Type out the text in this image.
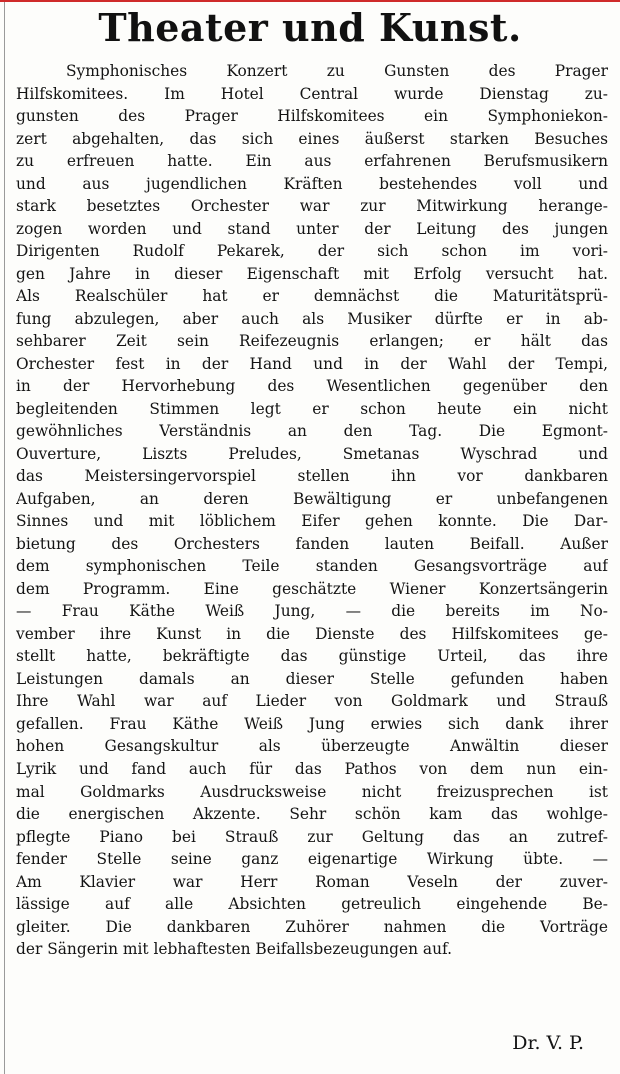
Theater und Kunst.
Symphonisches Konzert zu Gunsten des Prager
Hilfskomitees. Im Hotel Central wurde Dienstag zu-
gunsten des Prager Hilfskomitees ein Symphoniekon-
zert abgehalten, das sich eines äußerst starken Besuches
zu erfreuen hatte. Ein aus erfahrenen Berufsmusikern
und aus jugendlichen Kräften bestehendes voll und
stark besetztes Orchester war zur Mitwirkung herange-
zogen worden und stand unter der Leitung des jungen
Dirigenten Rudolf Pekarek, der sich schon im vori-
gen Jahre in dieser Eigenschaft mit Erfolg versucht hat.
Als Realschüler hat er demnächst die Maturitätsprü-
fung abzulegen, aber auch als Musiker dürfte er in ab-
sehbarer Zeit sein Reifezeugnis erlangen; er hält das
Orchester fest in der Hand und in der Wahl der Tempi,
in der Hervorhebung des Wesentlichen gegenüber den
begleitenden Stimmen legt er schon heute ein nicht
gewöhnliches Verständnis an den Tag. Die Egmont-
Ouverture, Liszts Preludes, Smetanas Wyschrad und
das Meistersingervorspiel stellen ihn vor dankbaren
Aufgaben, an deren Bewältigung er unbefangenen
Sinnes und mit löblichem Eifer gehen konnte. Die Dar-
bietung des Orchesters fanden lauten Beifall. Außer
dem symphonischen Teile standen Gesangsvorträge auf
dem Programm. Eine geschätzte Wiener Konzertsängerin
— Frau Käthe Weiß Jung, — die bereits im No-
vember ihre Kunst in die Dienste des Hilfskomitees ge-
stellt hatte, bekräftigte das günstige Urteil, das ihre
Leistungen damals an dieser Stelle gefunden haben
Ihre Wahl war auf Lieder von Goldmark und Strauß
gefallen. Frau Käthe Weiß Jung erwies sich dank ihrer
hohen Gesangskultur als überzeugte Anwältin dieser
Lyrik und fand auch für das Pathos von dem nun ein-
mal Goldmarks Ausdrucksweise nicht freizusprechen ist
die energischen Akzente. Sehr schön kam das wohlge-
pflegte Piano bei Strauß zur Geltung das an zutref-
fender Stelle seine ganz eigenartige Wirkung übte. —
Am Klavier war Herr Roman Veseln der zuver-
lässige auf alle Absichten getreulich eingehende Be-
gleiter. Die dankbaren Zuhörer nahmen die Vorträge
der Sängerin mit lebhaftesten Beifallsbezeugungen auf.
Dr. V. P.
